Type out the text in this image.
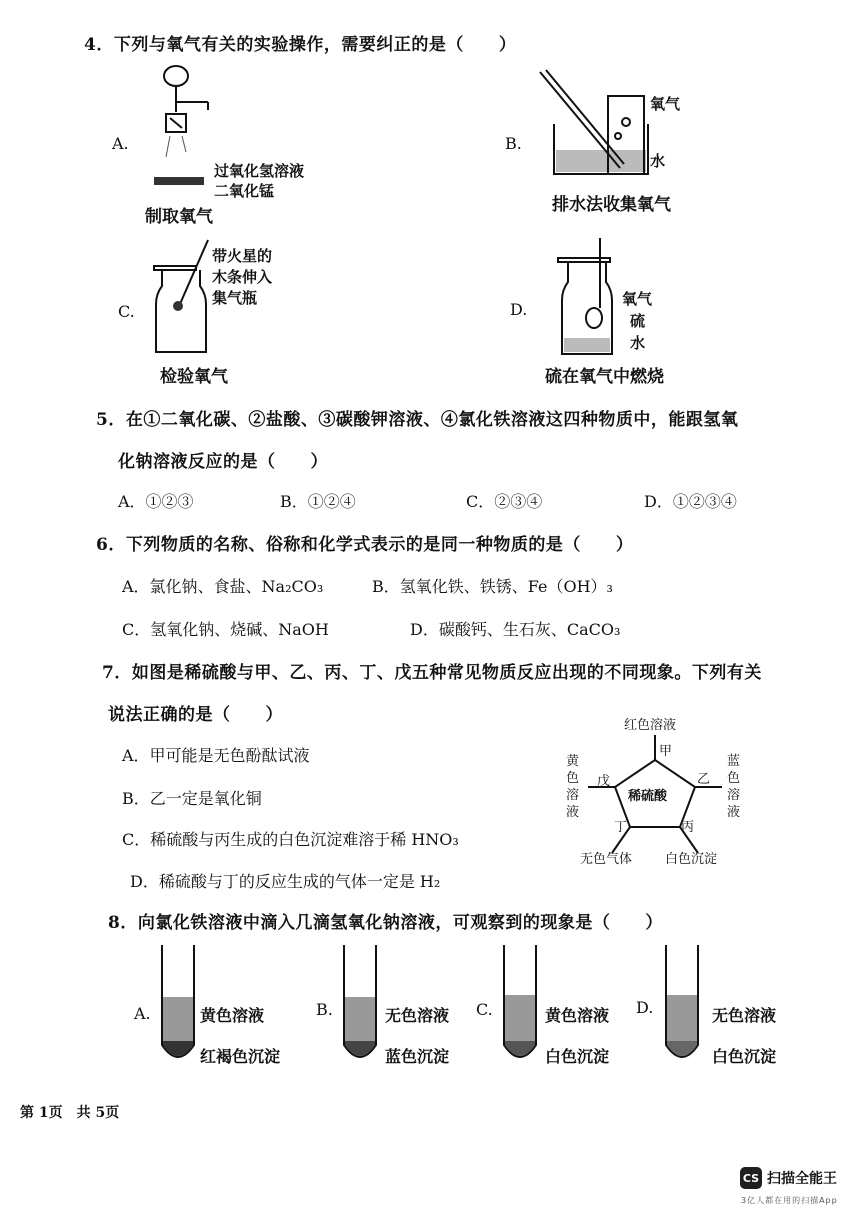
4．下列与氧气有关的实验操作，需要纠正的是（　　）
A.
过氧化氢溶液
二氧化锰
制取氧气
B.
氧气
水
排水法收集氧气
C.
带火星的
木条伸入
集气瓶
检验氧气
D.
氧气
硫
水
硫在氧气中燃烧
5．在①二氧化碳、②盐酸、③碳酸钾溶液、④氯化铁溶液这四种物质中，能跟氢氧
化钠溶液反应的是（　　）
A．①②③	B．①②④	C．②③④	D．①②③④
6．下列物质的名称、俗称和化学式表示的是同一种物质的是（　　）
A．氯化钠、食盐、Na₂CO₃	B．氢氧化铁、铁锈、Fe（OH）₃
C．氢氧化钠、烧碱、NaOH	D．碳酸钙、生石灰、CaCO₃
7．如图是稀硫酸与甲、乙、丙、丁、戊五种常见物质反应出现的不同现象。下列有关
说法正确的是（　　）
A．甲可能是无色酚酞试液
B．乙一定是氧化铜
C．稀硫酸与丙生成的白色沉淀难溶于稀 HNO₃
D．稀硫酸与丁的反应生成的气体一定是 H₂
红色溶液
甲
乙
戊
丁	丙
稀硫酸
蓝
色
溶
液
黄
色
溶
液
无色气体	白色沉淀
8．向氯化铁溶液中滴入几滴氢氧化钠溶液，可观察到的现象是（　　）
A.	黄色溶液
红褐色沉淀
B.	无色溶液
蓝色沉淀
C.	黄色溶液
白色沉淀
D.	无色溶液
白色沉淀
第 1页　共 5页
CS 扫描全能王
3亿人都在用的扫描App
